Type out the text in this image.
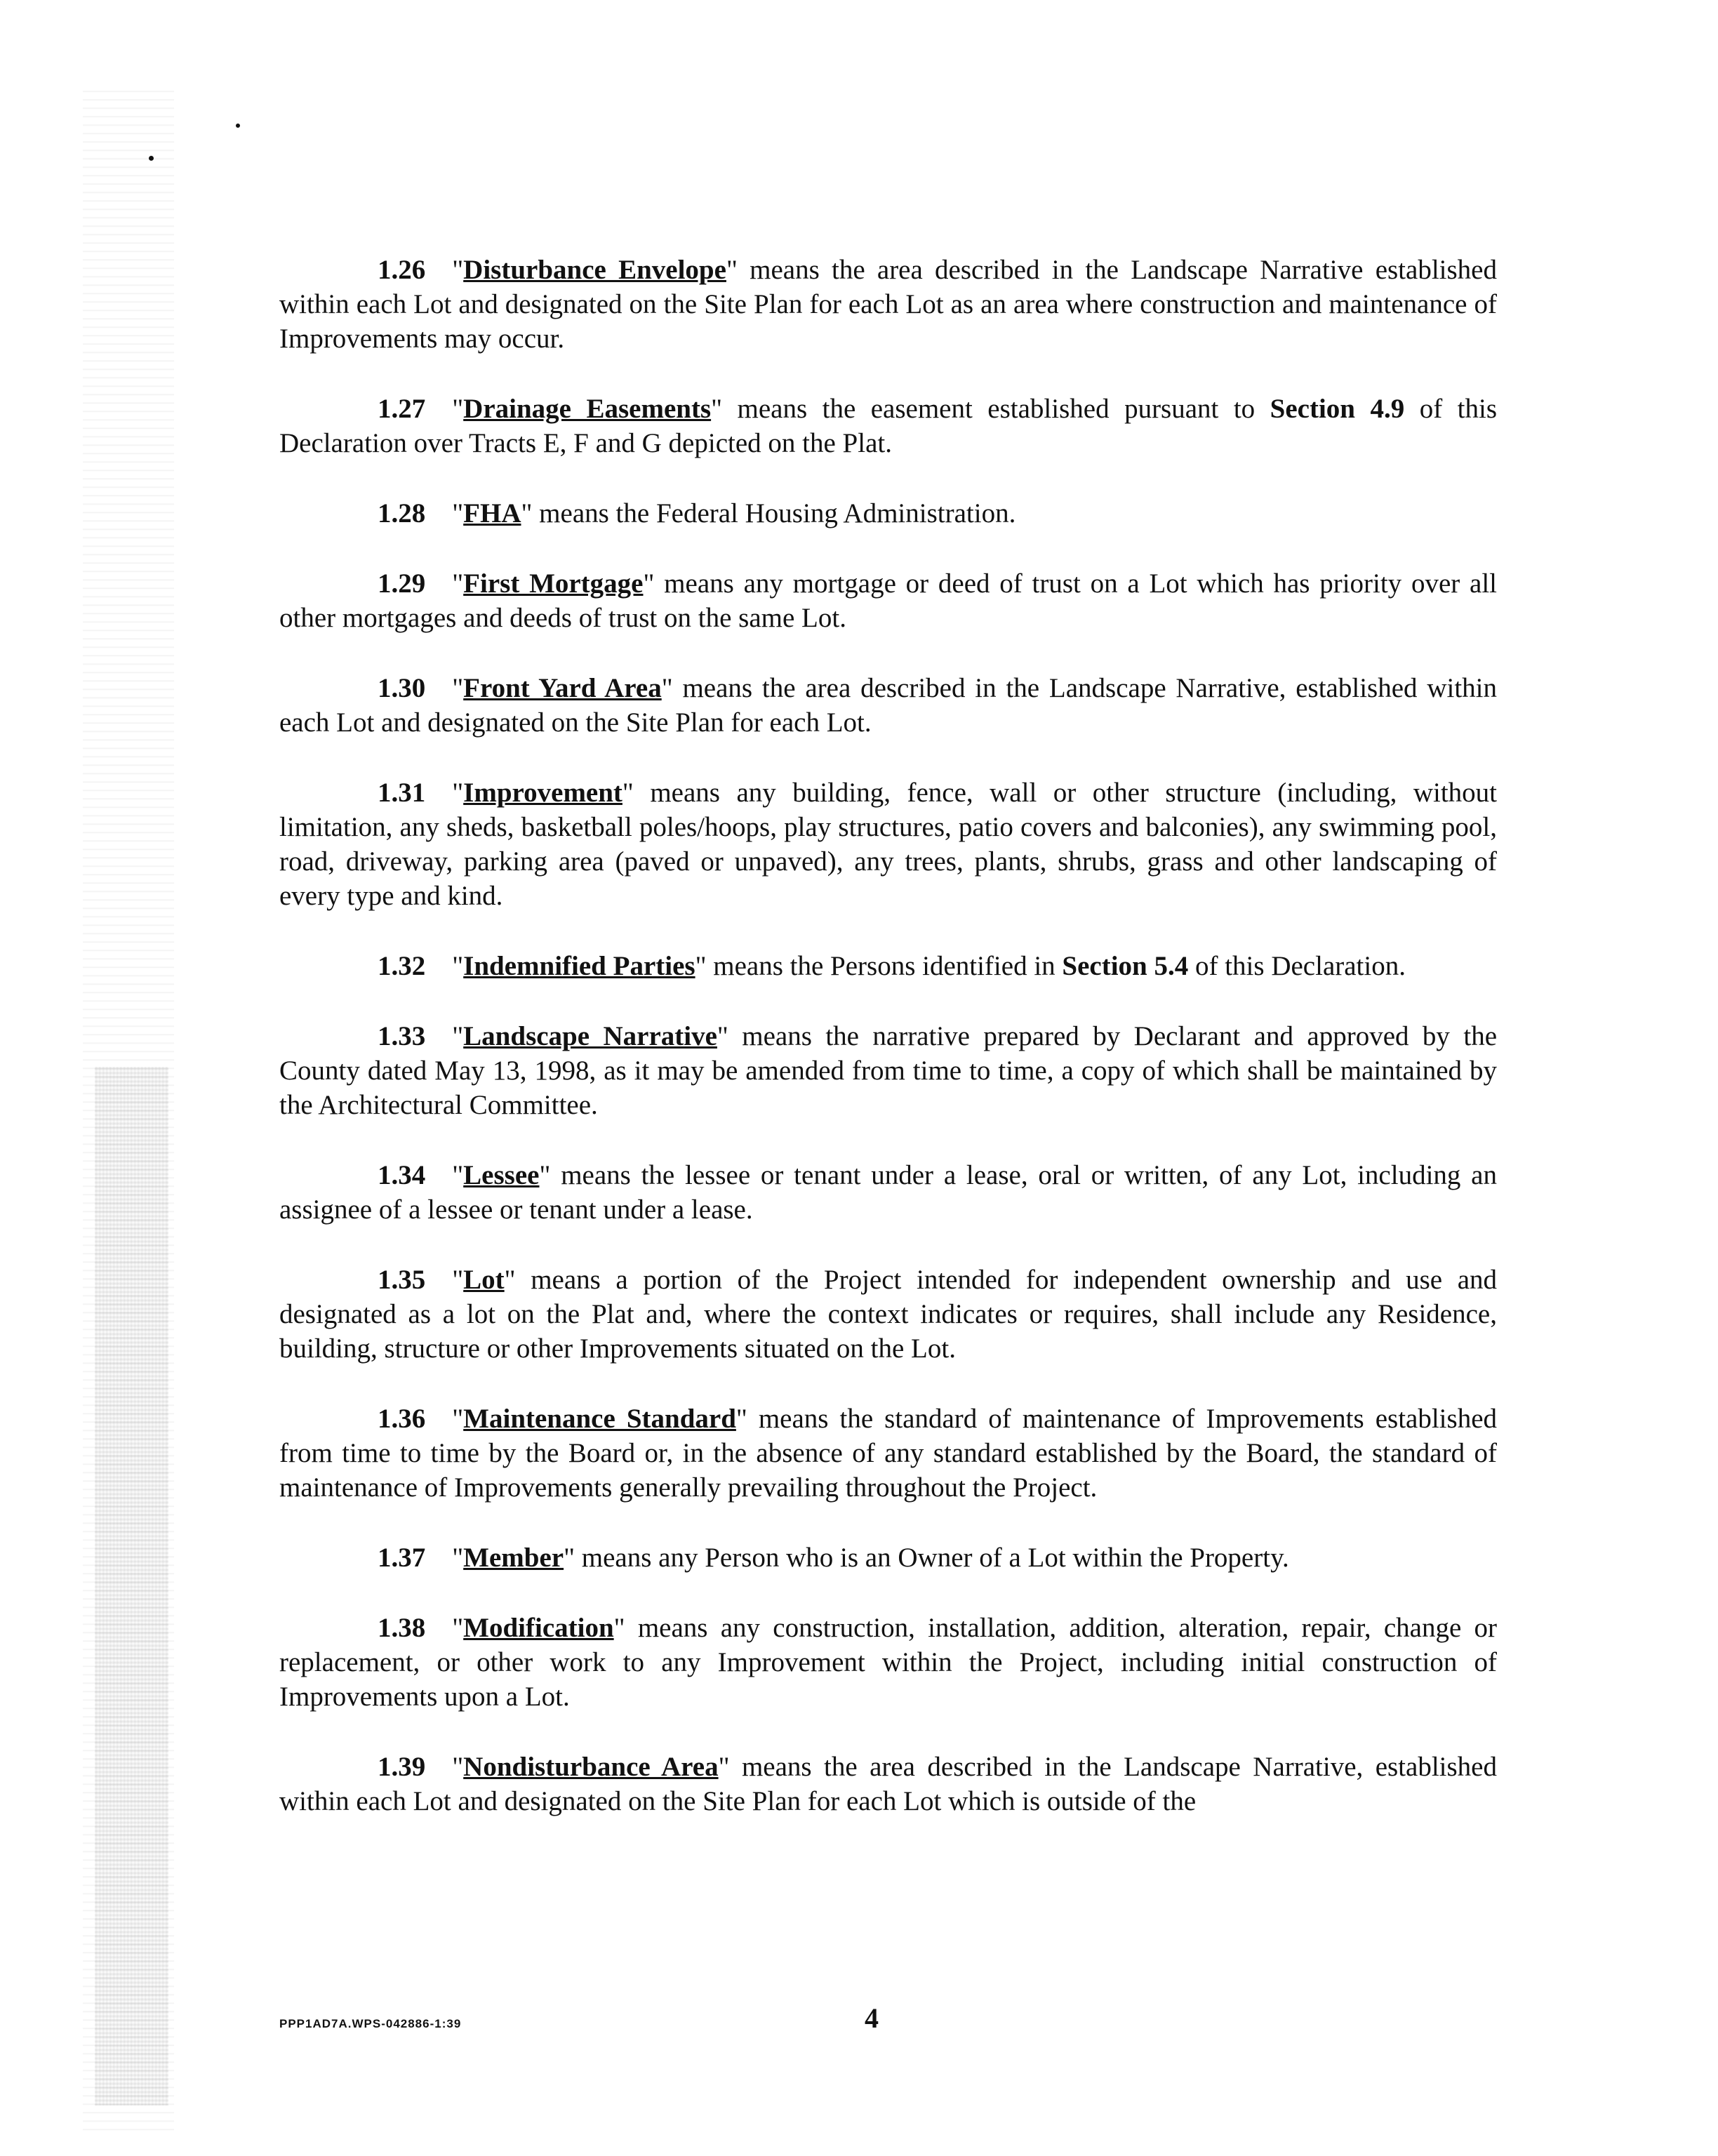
1.26 "Disturbance Envelope" means the area described in the Landscape Narrative established within each Lot and designated on the Site Plan for each Lot as an area where construction and maintenance of Improvements may occur.

1.27 "Drainage Easements" means the easement established pursuant to Section 4.9 of this Declaration over Tracts E, F and G depicted on the Plat.

1.28 "FHA" means the Federal Housing Administration.

1.29 "First Mortgage" means any mortgage or deed of trust on a Lot which has priority over all other mortgages and deeds of trust on the same Lot.

1.30 "Front Yard Area" means the area described in the Landscape Narrative, established within each Lot and designated on the Site Plan for each Lot.

1.31 "Improvement" means any building, fence, wall or other structure (including, without limitation, any sheds, basketball poles/hoops, play structures, patio covers and balconies), any swimming pool, road, driveway, parking area (paved or unpaved), any trees, plants, shrubs, grass and other landscaping of every type and kind.

1.32 "Indemnified Parties" means the Persons identified in Section 5.4 of this Declaration.

1.33 "Landscape Narrative" means the narrative prepared by Declarant and approved by the County dated May 13, 1998, as it may be amended from time to time, a copy of which shall be maintained by the Architectural Committee.

1.34 "Lessee" means the lessee or tenant under a lease, oral or written, of any Lot, including an assignee of a lessee or tenant under a lease.

1.35 "Lot" means a portion of the Project intended for independent ownership and use and designated as a lot on the Plat and, where the context indicates or requires, shall include any Residence, building, structure or other Improvements situated on the Lot.

1.36 "Maintenance Standard" means the standard of maintenance of Improvements established from time to time by the Board or, in the absence of any standard established by the Board, the standard of maintenance of Improvements generally prevailing throughout the Project.

1.37 "Member" means any Person who is an Owner of a Lot within the Property.

1.38 "Modification" means any construction, installation, addition, alteration, repair, change or replacement, or other work to any Improvement within the Project, including initial construction of Improvements upon a Lot.

1.39 "Nondisturbance Area" means the area described in the Landscape Narrative, established within each Lot and designated on the Site Plan for each Lot which is outside of the

PPP1AD7A.WPS-042886-1:39	4
